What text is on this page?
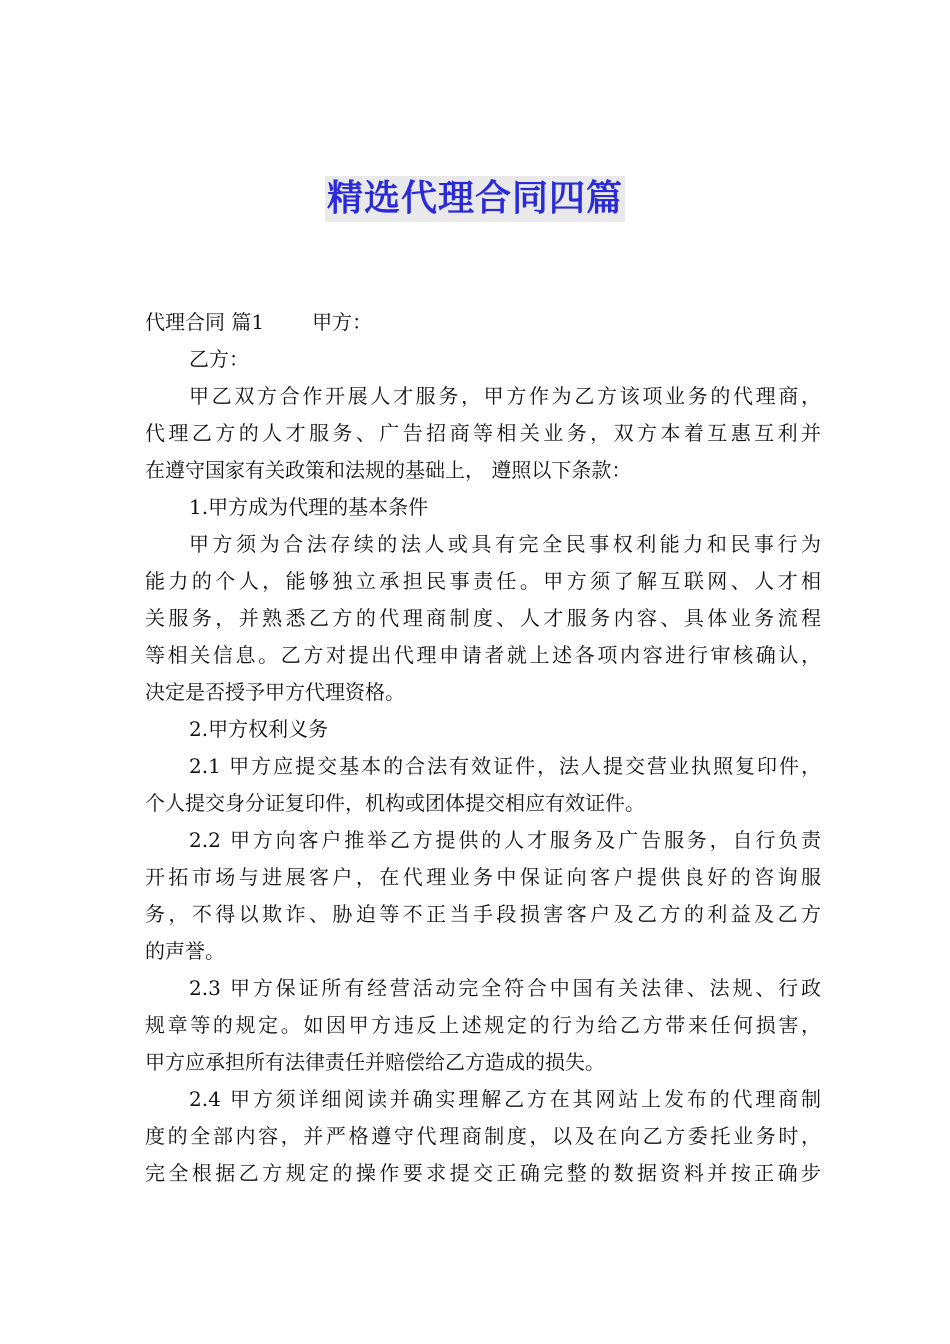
精选代理合同四篇
代理合同 篇1 甲方：
乙方：
甲乙双方合作开展人才服务，甲方作为乙方该项业务的代理商，
代理乙方的人才服务、广告招商等相关业务，双方本着互惠互利并
在遵守国家有关政策和法规的基础上， 遵照以下条款：
1.甲方成为代理的基本条件
甲方须为合法存续的法人或具有完全民事权利能力和民事行为
能力的个人，能够独立承担民事责任。甲方须了解互联网、人才相
关服务，并熟悉乙方的代理商制度、人才服务内容、具体业务流程
等相关信息。乙方对提出代理申请者就上述各项内容进行审核确认，
决定是否授予甲方代理资格。
2.甲方权利义务
2.1 甲方应提交基本的合法有效证件，法人提交营业执照复印件，
个人提交身分证复印件，机构或团体提交相应有效证件。
2.2 甲方向客户推举乙方提供的人才服务及广告服务，自行负责
开拓市场与进展客户，在代理业务中保证向客户提供良好的咨询服
务，不得以欺诈、胁迫等不正当手段损害客户及乙方的利益及乙方
的声誉。
2.3 甲方保证所有经营活动完全符合中国有关法律、法规、行政
规章等的规定。如因甲方违反上述规定的行为给乙方带来任何损害，
甲方应承担所有法律责任并赔偿给乙方造成的损失。
2.4 甲方须详细阅读并确实理解乙方在其网站上发布的代理商制
度的全部内容，并严格遵守代理商制度，以及在向乙方委托业务时，
完全根据乙方规定的操作要求提交正确完整的数据资料并按正确步
